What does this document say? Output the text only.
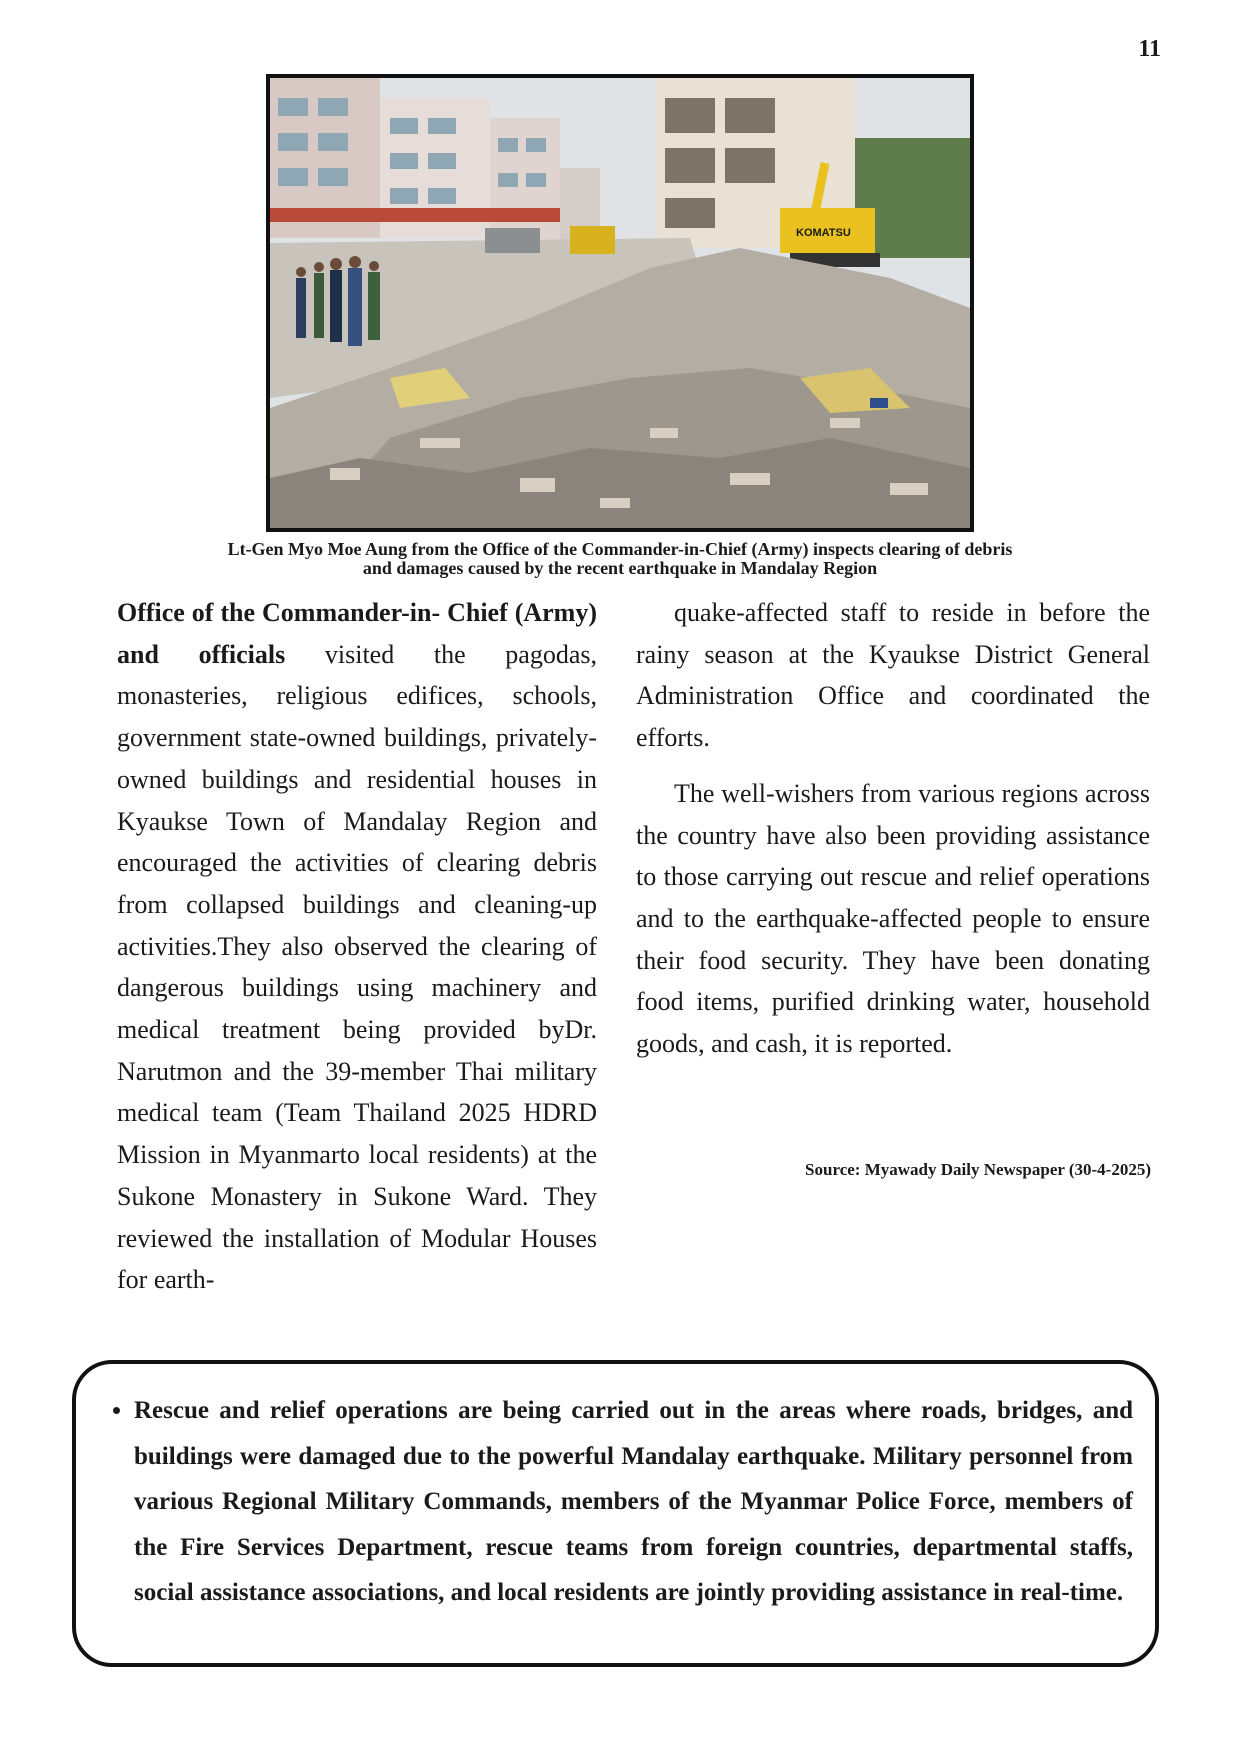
11
KOMATSU
Lt-Gen Myo Moe Aung from the Office of the Commander-in-Chief (Army) inspects clearing of debris
and damages caused by the recent earthquake in Mandalay Region

Office of the Commander-in- Chief (Army) and officials visited the pagodas, monasteries, religious edifices, schools, government state-owned buildings, privately-owned buildings and residential houses in Kyaukse Town of Mandalay Region and encouraged the activities of clearing debris from collapsed buildings and cleaning-up activities.They also observed the clearing of dangerous buildings using machinery and medical treatment being provided byDr. Narutmon and the 39-member Thai military medical team (Team Thailand 2025 HDRD Mission in Myanmarto local residents) at the Sukone Monastery in Sukone Ward. They reviewed the installation of Modular Houses for earth-

quake-affected staff to reside in before the rainy season at the Kyaukse District General Administration Office and coordinated the efforts.

The well-wishers from various regions across the country have also been providing assistance to those carrying out rescue and relief operations and to the earthquake-affected people to ensure their food security. They have been donating food items, purified drinking water, household goods, and cash, it is reported.

Source: Myawady Daily Newspaper (30-4-2025)
• Rescue and relief operations are being carried out in the areas where roads, bridges, and buildings were damaged due to the powerful Mandalay earthquake. Military personnel from various Regional Military Commands, members of the Myanmar Police Force, members of the Fire Services Department, rescue teams from foreign countries, departmental staffs, social assistance associations, and local residents are jointly providing assistance in real-time.
